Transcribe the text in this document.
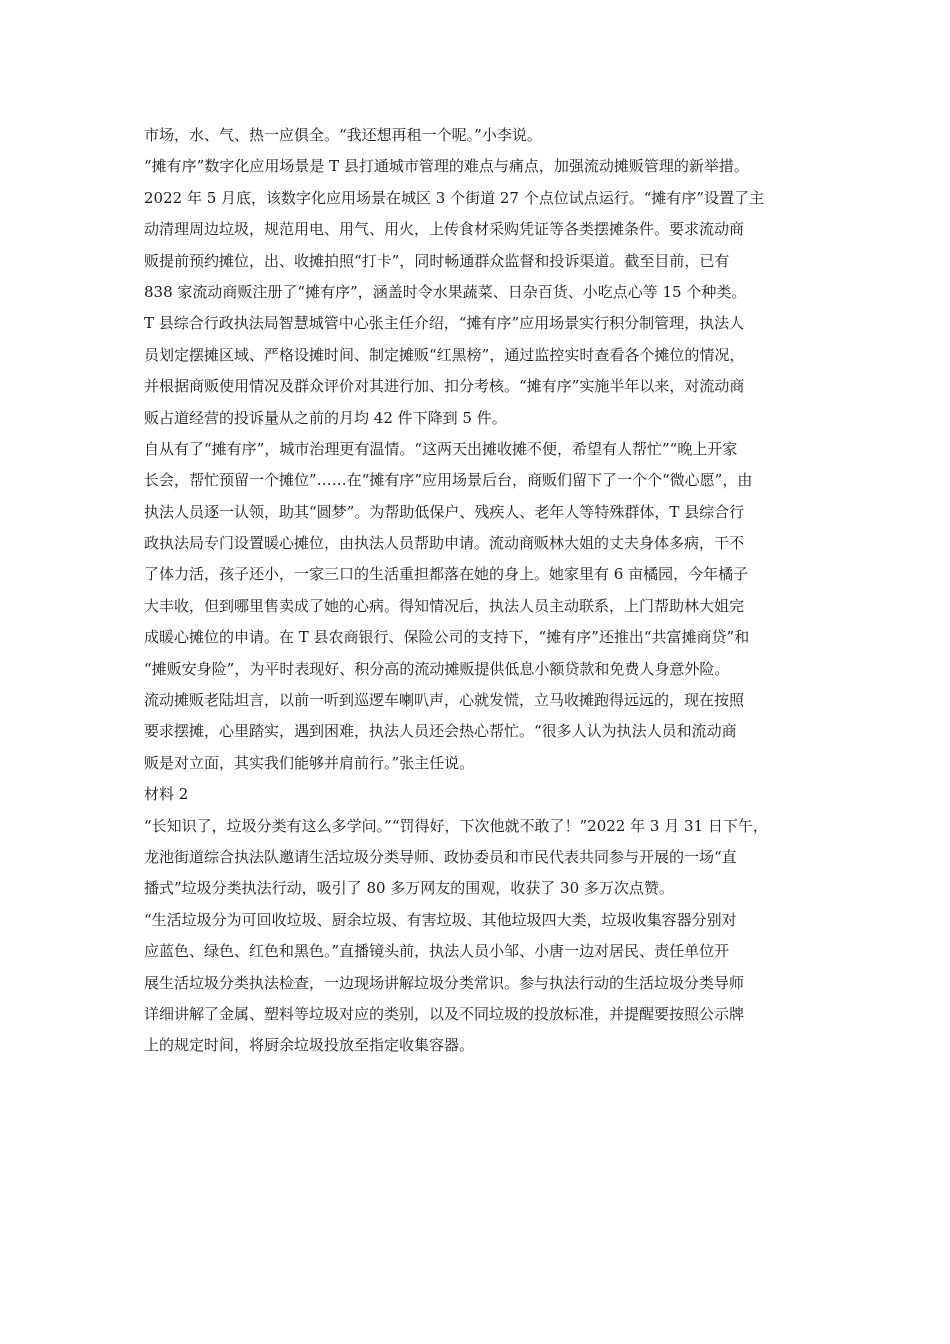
市场，水、气、热一应俱全。“我还想再租一个呢。”小李说。
“摊有序”数字化应用场景是 T 县打通城市管理的难点与痛点，加强流动摊贩管理的新举措。
2022 年 5 月底，该数字化应用场景在城区 3 个街道 27 个点位试点运行。“摊有序”设置了主
动清理周边垃圾，规范用电、用气、用火，上传食材采购凭证等各类摆摊条件。要求流动商
贩提前预约摊位，出、收摊拍照“打卡”，同时畅通群众监督和投诉渠道。截至目前，已有
838 家流动商贩注册了“摊有序”，涵盖时令水果蔬菜、日杂百货、小吃点心等 15 个种类。
T 县综合行政执法局智慧城管中心张主任介绍，“摊有序”应用场景实行积分制管理，执法人
员划定摆摊区域、严格设摊时间、制定摊贩“红黑榜”，通过监控实时查看各个摊位的情况，
并根据商贩使用情况及群众评价对其进行加、扣分考核。“摊有序”实施半年以来，对流动商
贩占道经营的投诉量从之前的月均 42 件下降到 5 件。
自从有了“摊有序”，城市治理更有温情。“这两天出摊收摊不便，希望有人帮忙”“晚上开家
长会，帮忙预留一个摊位”……在“摊有序”应用场景后台，商贩们留下了一个个“微心愿”，由
执法人员逐一认领，助其“圆梦”。为帮助低保户、残疾人、老年人等特殊群体，T 县综合行
政执法局专门设置暖心摊位，由执法人员帮助申请。流动商贩林大姐的丈夫身体多病，干不
了体力活，孩子还小，一家三口的生活重担都落在她的身上。她家里有 6 亩橘园，今年橘子
大丰收，但到哪里售卖成了她的心病。得知情况后，执法人员主动联系，上门帮助林大姐完
成暖心摊位的申请。在 T 县农商银行、保险公司的支持下，“摊有序”还推出“共富摊商贷”和
“摊贩安身险”，为平时表现好、积分高的流动摊贩提供低息小额贷款和免费人身意外险。
流动摊贩老陆坦言，以前一听到巡逻车喇叭声，心就发慌，立马收摊跑得远远的，现在按照
要求摆摊，心里踏实，遇到困难，执法人员还会热心帮忙。“很多人认为执法人员和流动商
贩是对立面，其实我们能够并肩前行。”张主任说。
材料 2
“长知识了，垃圾分类有这么多学问。”“罚得好，下次他就不敢了！”2022 年 3 月 31 日下午，
龙池街道综合执法队邀请生活垃圾分类导师、政协委员和市民代表共同参与开展的一场“直
播式”垃圾分类执法行动，吸引了 80 多万网友的围观，收获了 30 多万次点赞。
“生活垃圾分为可回收垃圾、厨余垃圾、有害垃圾、其他垃圾四大类，垃圾收集容器分别对
应蓝色、绿色、红色和黑色。”直播镜头前，执法人员小邹、小唐一边对居民、责任单位开
展生活垃圾分类执法检查，一边现场讲解垃圾分类常识。参与执法行动的生活垃圾分类导师
详细讲解了金属、塑料等垃圾对应的类别，以及不同垃圾的投放标准，并提醒要按照公示牌
上的规定时间，将厨余垃圾投放至指定收集容器。
